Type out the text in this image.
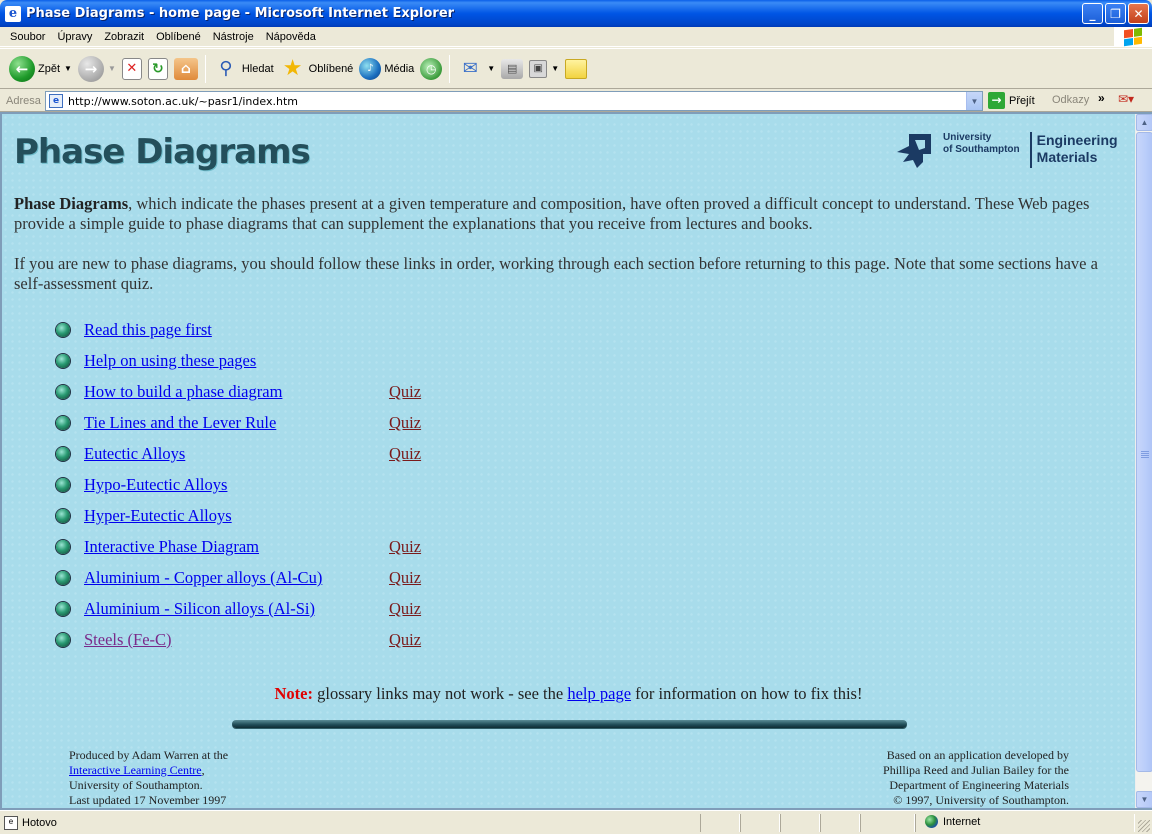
e Phase Diagrams - home page - Microsoft Internet Explorer	_	❐	✕
Soubor	Úpravy	Zobrazit	Oblíbené	Nástroje	Nápověda
← Zpět ▼ →	▼ ✕	↻	⌂	⚲ Hledat ★ Oblíbené	♪ Média ◷	✉	▼	▤	▣	▼
Adresa	e http://www.soton.ac.uk/~pasr1/index.htm	▼ → Přejít Odkazy » ✉▾
Phase Diagrams	University
of Southampton
Engineering
Materials

Phase Diagrams, which indicate the phases present at a given temperature and composition, have often proved a difficult concept to understand. These Web pages provide a simple guide to phase diagrams that can supplement the explanations that you receive from lectures and books.

If you are new to phase diagrams, you should follow these links in order, working through each section before returning to this page. Note that some sections have a self-assessment quiz.

Read this page first
Help on using these pages
How to build a phase diagram	Quiz
Tie Lines and the Lever Rule	Quiz
Eutectic Alloys	Quiz
Hypo-Eutectic Alloys
Hyper-Eutectic Alloys
Interactive Phase Diagram	Quiz
Aluminium - Copper alloys (Al-Cu)	Quiz
Aluminium - Silicon alloys (Al-Si)	Quiz
Steels (Fe-C)	Quiz
Note: glossary links may not work - see the help page for information on how to fix this!
Produced by Adam Warren at the
Interactive Learning Centre,
University of Southampton.
Last updated 17 November 1997
Based on an application developed by
Phillipa Reed and Julian Bailey for the
Department of Engineering Materials
© 1997, University of Southampton.
▲
▼
e Hotovo	Internet
